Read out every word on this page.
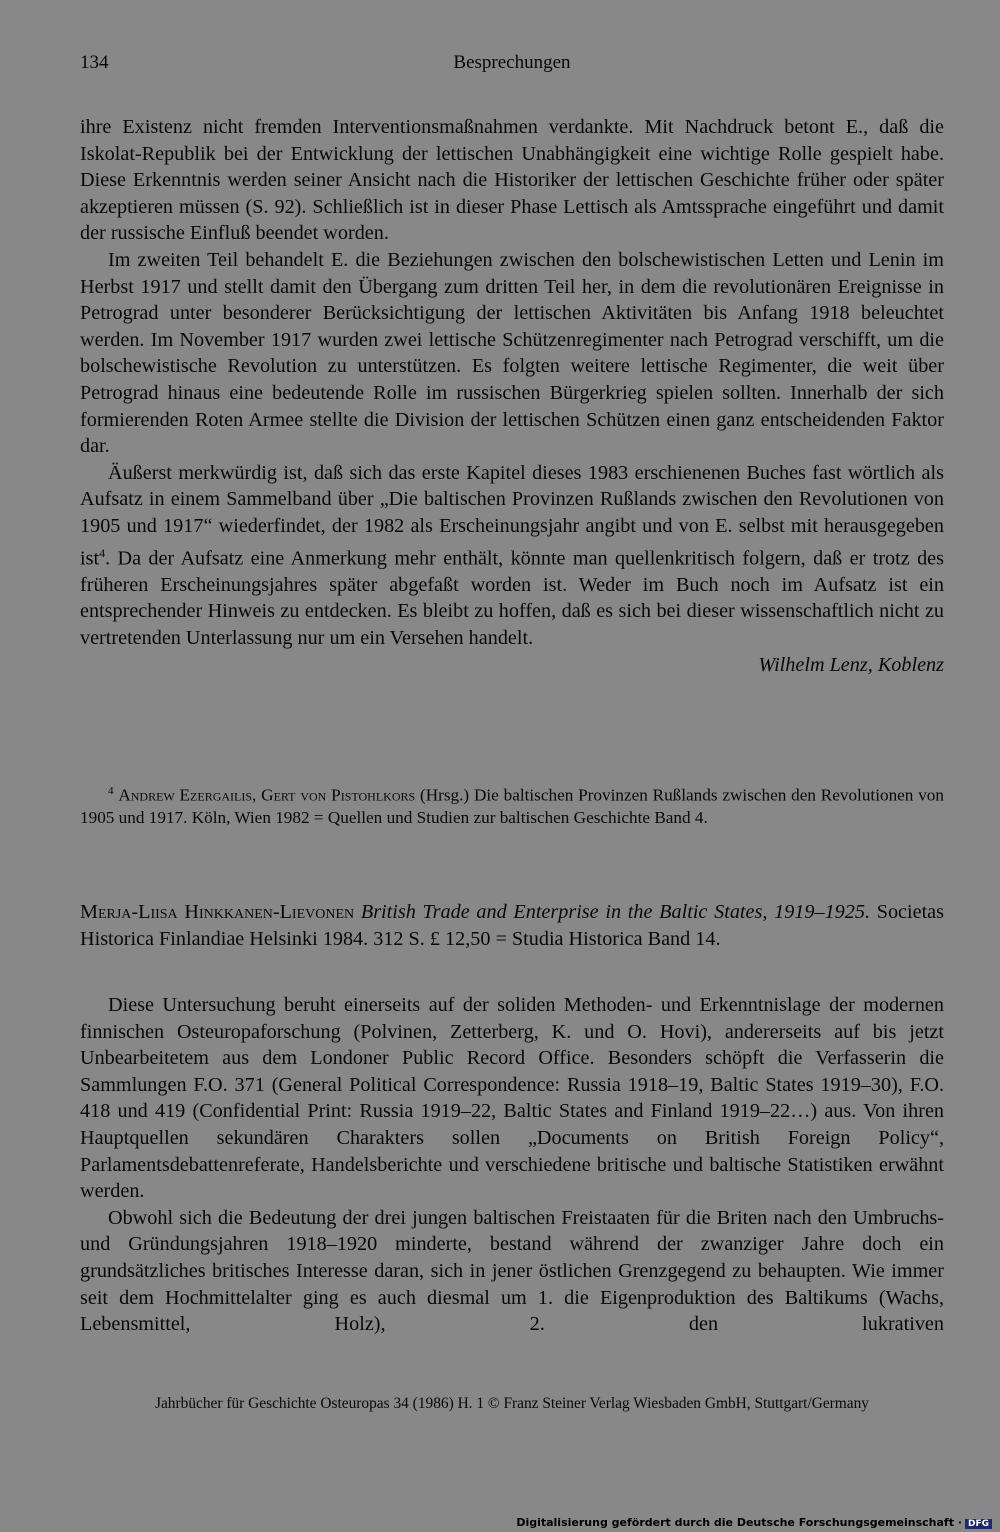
134	Besprechungen

ihre Existenz nicht fremden Interventionsmaßnahmen verdankte. Mit Nachdruck betont E., daß die Iskolat-Republik bei der Entwicklung der lettischen Unabhängigkeit eine wichtige Rolle gespielt habe. Diese Erkenntnis werden seiner Ansicht nach die Historiker der lettischen Geschichte früher oder später akzeptieren müssen (S. 92). Schließlich ist in dieser Phase Lettisch als Amtssprache eingeführt und damit der russische Einfluß beendet worden.

Im zweiten Teil behandelt E. die Beziehungen zwischen den bolschewistischen Letten und Lenin im Herbst 1917 und stellt damit den Übergang zum dritten Teil her, in dem die revolutionären Ereignisse in Petrograd unter besonderer Berücksichtigung der lettischen Aktivitäten bis Anfang 1918 beleuchtet werden. Im November 1917 wurden zwei lettische Schützenregimenter nach Petrograd verschifft, um die bolschewistische Revolution zu unterstützen. Es folgten weitere lettische Regimenter, die weit über Petrograd hinaus eine bedeutende Rolle im russischen Bürgerkrieg spielen sollten. Innerhalb der sich formierenden Roten Armee stellte die Division der lettischen Schützen einen ganz entscheidenden Faktor dar.

Äußerst merkwürdig ist, daß sich das erste Kapitel dieses 1983 erschienenen Buches fast wörtlich als Aufsatz in einem Sammelband über „Die baltischen Provinzen Rußlands zwischen den Revolutionen von 1905 und 1917“ wiederfindet, der 1982 als Erscheinungsjahr angibt und von E. selbst mit herausgegeben ist$^4$. Da der Aufsatz eine Anmerkung mehr enthält, könnte man quellenkritisch folgern, daß er trotz des früheren Erscheinungsjahres später abgefaßt worden ist. Weder im Buch noch im Aufsatz ist ein entsprechender Hinweis zu entdecken. Es bleibt zu hoffen, daß es sich bei dieser wissenschaftlich nicht zu vertretenden Unterlassung nur um ein Versehen handelt.

Wilhelm Lenz, Koblenz

$^4$ Andrew Ezergailis, Gert von Pistohlkors (Hrsg.) Die baltischen Provinzen Rußlands zwischen den Revolutionen von 1905 und 1917. Köln, Wien 1982 = Quellen und Studien zur baltischen Geschichte Band 4.

Merja-Liisa Hinkkanen-Lievonen British Trade and Enterprise in the Baltic States, 1919–1925. Societas Historica Finlandiae Helsinki 1984. 312 S. £ 12,50 = Studia Historica Band 14.

Diese Untersuchung beruht einerseits auf der soliden Methoden- und Erkenntnislage der modernen finnischen Osteuropaforschung (Polvinen, Zetterberg, K. und O. Hovi), andererseits auf bis jetzt Unbearbeitetem aus dem Londoner Public Record Office. Besonders schöpft die Verfasserin die Sammlungen F.O. 371 (General Political Correspondence: Russia 1918–19, Baltic States 1919–30), F.O. 418 und 419 (Confidential Print: Russia 1919–22, Baltic States and Finland 1919–22…) aus. Von ihren Hauptquellen sekundären Charakters sollen „Documents on British Foreign Policy“, Parlamentsdebattenreferate, Handelsberichte und verschiedene britische und baltische Statistiken erwähnt werden.

Obwohl sich die Bedeutung der drei jungen baltischen Freistaaten für die Briten nach den Umbruchs- und Gründungsjahren 1918–1920 minderte, bestand während der zwanziger Jahre doch ein grundsätzliches britisches Interesse daran, sich in jener östlichen Grenzgegend zu behaupten. Wie immer seit dem Hochmittelalter ging es auch diesmal um 1. die Eigenproduktion des Baltikums (Wachs, Lebensmittel, Holz), 2. den lukrativen

Jahrbücher für Geschichte Osteuropas 34 (1986) H. 1 © Franz Steiner Verlag Wiesbaden GmbH, Stuttgart/Germany
Digitalisierung gefördert durch die Deutsche Forschungsgemeinschaft · DFG
